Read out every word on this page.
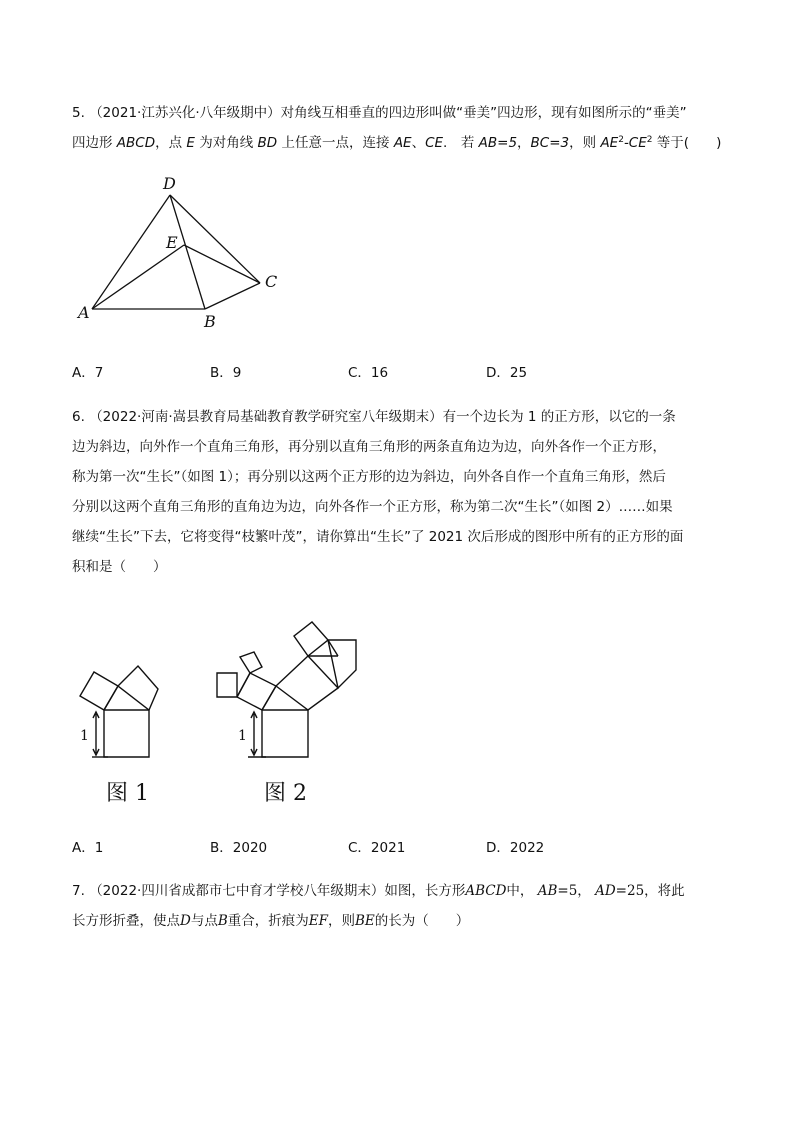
5. （2021·江苏兴化·八年级期中）对角线互相垂直的四边形叫做“垂美”四边形，现有如图所示的“垂美”
四边形 ABCD，点 E 为对角线 BD 上任意一点，连接 AE、CE.　若 AB=5，BC=3，则 $AE^2-CE^2$ 等于(　　)
D
E
C
A	B
A．7	B．9	C．16	D．25
6. （2022·河南·嵩县教育局基础教育教学研究室八年级期末）有一个边长为 1 的正方形，以它的一条
边为斜边，向外作一个直角三角形，再分别以直角三角形的两条直角边为边，向外各作一个正方形，
称为第一次“生长”（如图 1）；再分别以这两个正方形的边为斜边，向外各自作一个直角三角形，然后
分别以这两个直角三角形的直角边为边，向外各作一个正方形，称为第二次“生长”（如图 2）……如果
继续“生长”下去，它将变得“枝繁叶茂”，请你算出“生长”了 2021 次后形成的图形中所有的正方形的面
积和是（　　）
1	1
图 1	图 2
A．1	B．2020	C．2021	D．2022
7. （2022·四川省成都市七中育才学校八年级期末）如图，长方形ABCD中， AB=5， AD=25，将此
长方形折叠，使点D与点B重合，折痕为EF，则BE的长为（　　）
